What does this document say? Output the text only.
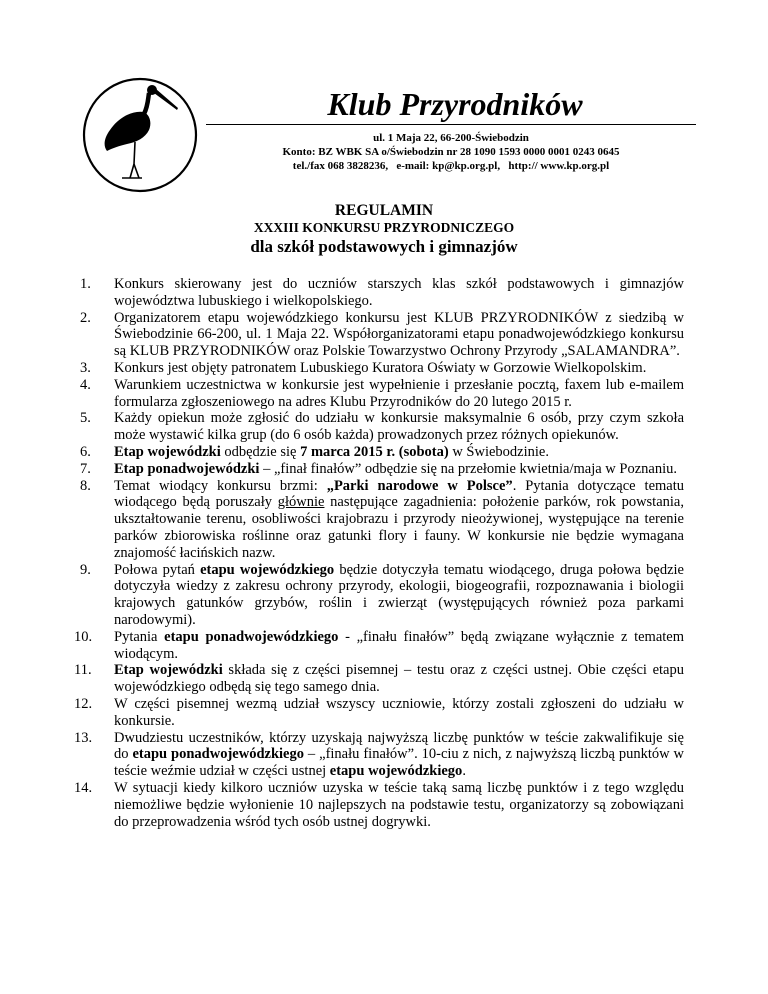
Klub Przyrodników
ul. 1 Maja 22, 66-200-Świebodzin
Konto: BZ WBK SA o/Świebodzin nr 28 1090 1593 0000 0001 0243 0645
tel./fax 068 3828236,   e-mail: kp@kp.org.pl,   http:// www.kp.org.pl
REGULAMIN
XXXIII KONKURSU PRZYRODNICZEGO
dla szkół podstawowych i gimnazjów
1.	Konkurs skierowany jest do uczniów starszych klas szkół podstawowych i gimnazjów województwa lubuskiego i wielkopolskiego.
2.	Organizatorem etapu wojewódzkiego konkursu jest KLUB PRZYRODNIKÓW z siedzibą w Świebodzinie 66-200, ul. 1 Maja 22. Współorganizatorami etapu ponadwojewódzkiego konkursu są KLUB PRZYRODNIKÓW oraz Polskie Towarzystwo Ochrony Przyrody „SALAMANDRA”.
3.	Konkurs jest objęty patronatem Lubuskiego Kuratora Oświaty w Gorzowie Wielkopolskim.
4.	Warunkiem uczestnictwa w konkursie jest wypełnienie i przesłanie pocztą, faxem lub e-mailem formularza zgłoszeniowego na adres Klubu Przyrodników do 20 lutego 2015 r.
5.	Każdy opiekun może zgłosić do udziału w konkursie maksymalnie 6 osób, przy czym szkoła może wystawić kilka grup (do 6 osób każda) prowadzonych przez różnych opiekunów.
6.	Etap wojewódzki odbędzie się 7 marca 2015 r. (sobota) w Świebodzinie.
7.	Etap ponadwojewódzki – „finał finałów” odbędzie się na przełomie kwietnia/maja w Poznaniu.
8.	Temat wiodący konkursu brzmi: „Parki narodowe w Polsce”. Pytania dotyczące tematu wiodącego będą poruszały głównie następujące zagadnienia: położenie parków, rok powstania, ukształtowanie terenu, osobliwości krajobrazu i przyrody nieożywionej, występujące na terenie parków zbiorowiska roślinne oraz gatunki flory i fauny. W konkursie nie będzie wymagana znajomość łacińskich nazw.
9.	Połowa pytań etapu wojewódzkiego będzie dotyczyła tematu wiodącego, druga połowa będzie dotyczyła wiedzy z zakresu ochrony przyrody, ekologii, biogeografii, rozpoznawania i biologii krajowych gatunków grzybów, roślin i zwierząt (występujących również poza parkami narodowymi).
10.	Pytania etapu ponadwojewódzkiego - „finału finałów” będą związane wyłącznie z tematem wiodącym.
11.	Etap wojewódzki składa się z części pisemnej – testu oraz z części ustnej. Obie części etapu wojewódzkiego odbędą się tego samego dnia.
12.	W części pisemnej wezmą udział wszyscy uczniowie, którzy zostali zgłoszeni do udziału w konkursie.
13.	Dwudziestu uczestników, którzy uzyskają najwyższą liczbę punktów w teście zakwalifikuje się do etapu ponadwojewódzkiego – „finału finałów”. 10-ciu z nich, z najwyższą liczbą punktów w teście weźmie udział w części ustnej etapu wojewódzkiego.
14.	W sytuacji kiedy kilkoro uczniów uzyska w teście taką samą liczbę punktów i z tego względu niemożliwe będzie wyłonienie 10 najlepszych na podstawie testu, organizatorzy są zobowiązani do przeprowadzenia wśród tych osób ustnej dogrywki.
